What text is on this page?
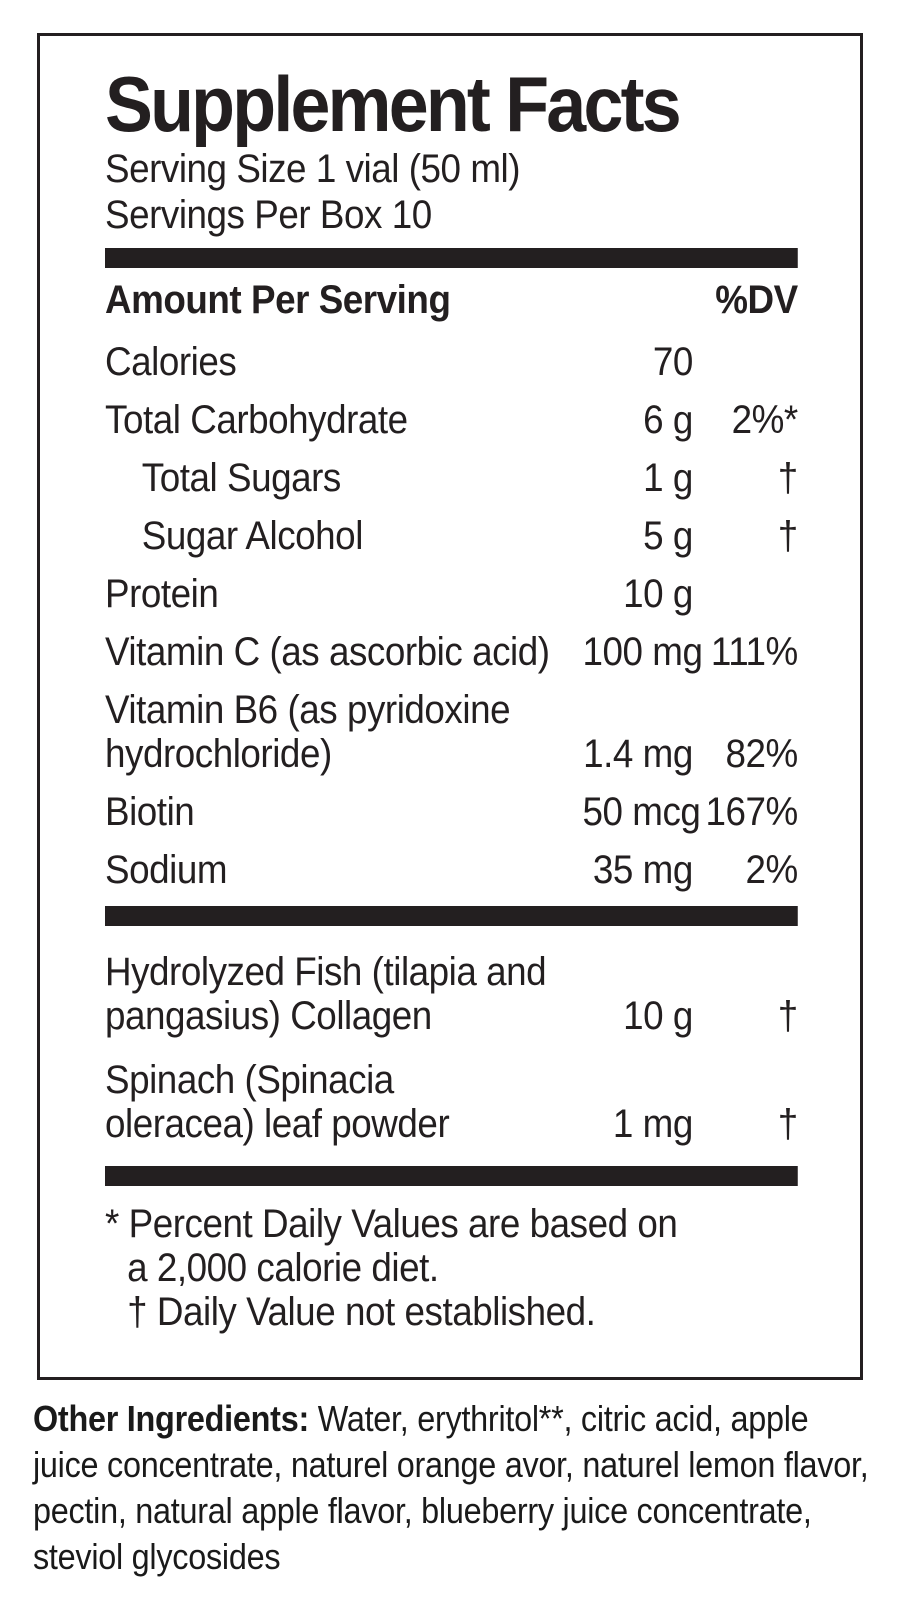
Supplement Facts
Serving Size 1 vial (50 ml)
Servings Per Box 10
Amount Per Serving	%DV
Calories	70
Total Carbohydrate	6 g 2%*
Total Sugars	1 g	†
Sugar Alcohol	5 g	†
Protein	10 g
Vitamin C (as ascorbic acid) 100 mg 111%
Vitamin B6 (as pyridoxine
hydrochloride)	1.4 mg 82%
Biotin	50 mcg 167%
Sodium	35 mg	2%
Hydrolyzed Fish (tilapia and
pangasius) Collagen	10 g	†
Spinach (Spinacia
oleracea) leaf powder	1 mg	†
* Percent Daily Values are based on
a 2,000 calorie diet.
† Daily Value not established.
Other Ingredients: Water, erythritol**, citric acid, apple juice concentrate, naturel orange avor, naturel lemon flavor, pectin, natural apple flavor, blueberry juice concentrate, steviol glycosides
